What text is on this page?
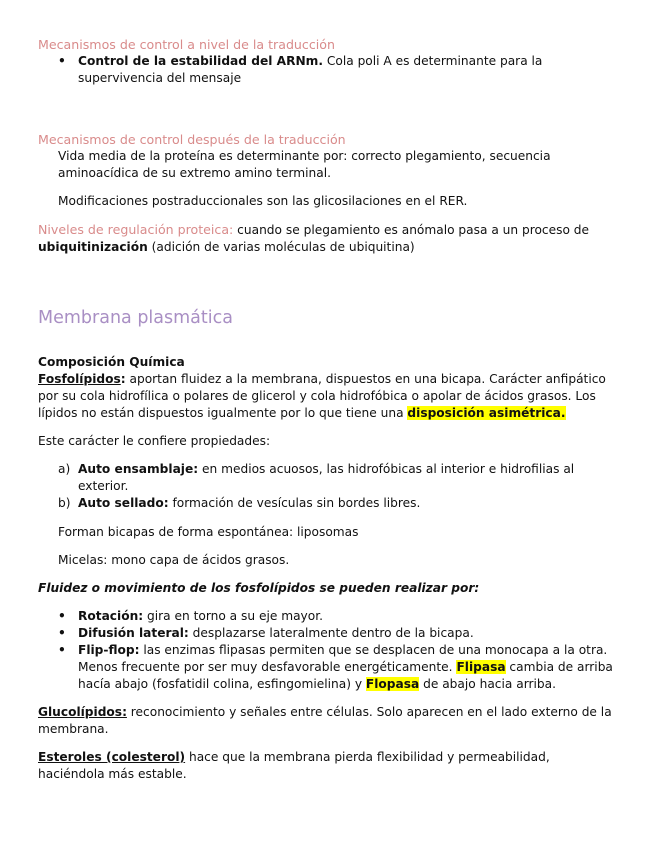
Mecanismos de control a nivel de la traducción

• Control de la estabilidad del ARNm. Cola poli A es determinante para la supervivencia del mensaje

Mecanismos de control después de la traducción

Vida media de la proteína es determinante por: correcto plegamiento, secuencia aminoacídica de su extremo amino terminal.

Modificaciones postraduccionales son las glicosilaciones en el RER.

Niveles de regulación proteica: cuando se plegamiento es anómalo pasa a un proceso de ubiquitinización (adición de varias moléculas de ubiquitina)

Membrana plasmática

Composición Química

Fosfolípidos: aportan fluidez a la membrana, dispuestos en una bicapa. Carácter anfipático por su cola hidrofílica o polares de glicerol y cola hidrofóbica o apolar de ácidos grasos. Los lípidos no están dispuestos igualmente por lo que tiene una disposición asimétrica.

Este carácter le confiere propiedades:

a) Auto ensamblaje: en medios acuosos, las hidrofóbicas al interior e hidrofilias al exterior.
b) Auto sellado: formación de vesículas sin bordes libres.

Forman bicapas de forma espontánea: liposomas

Micelas: mono capa de ácidos grasos.

Fluidez o movimiento de los fosfolípidos se pueden realizar por:

• Rotación: gira en torno a su eje mayor.
• Difusión lateral: desplazarse lateralmente dentro de la bicapa.
• Flip-flop: las enzimas flipasas permiten que se desplacen de una monocapa a la otra. Menos frecuente por ser muy desfavorable energéticamente. Flipasa cambia de arriba hacía abajo (fosfatidil colina, esfingomielina) y Flopasa de abajo hacia arriba.

Glucolípidos: reconocimiento y señales entre células. Solo aparecen en el lado externo de la membrana.

Esteroles (colesterol) hace que la membrana pierda flexibilidad y permeabilidad, haciéndola más estable.
